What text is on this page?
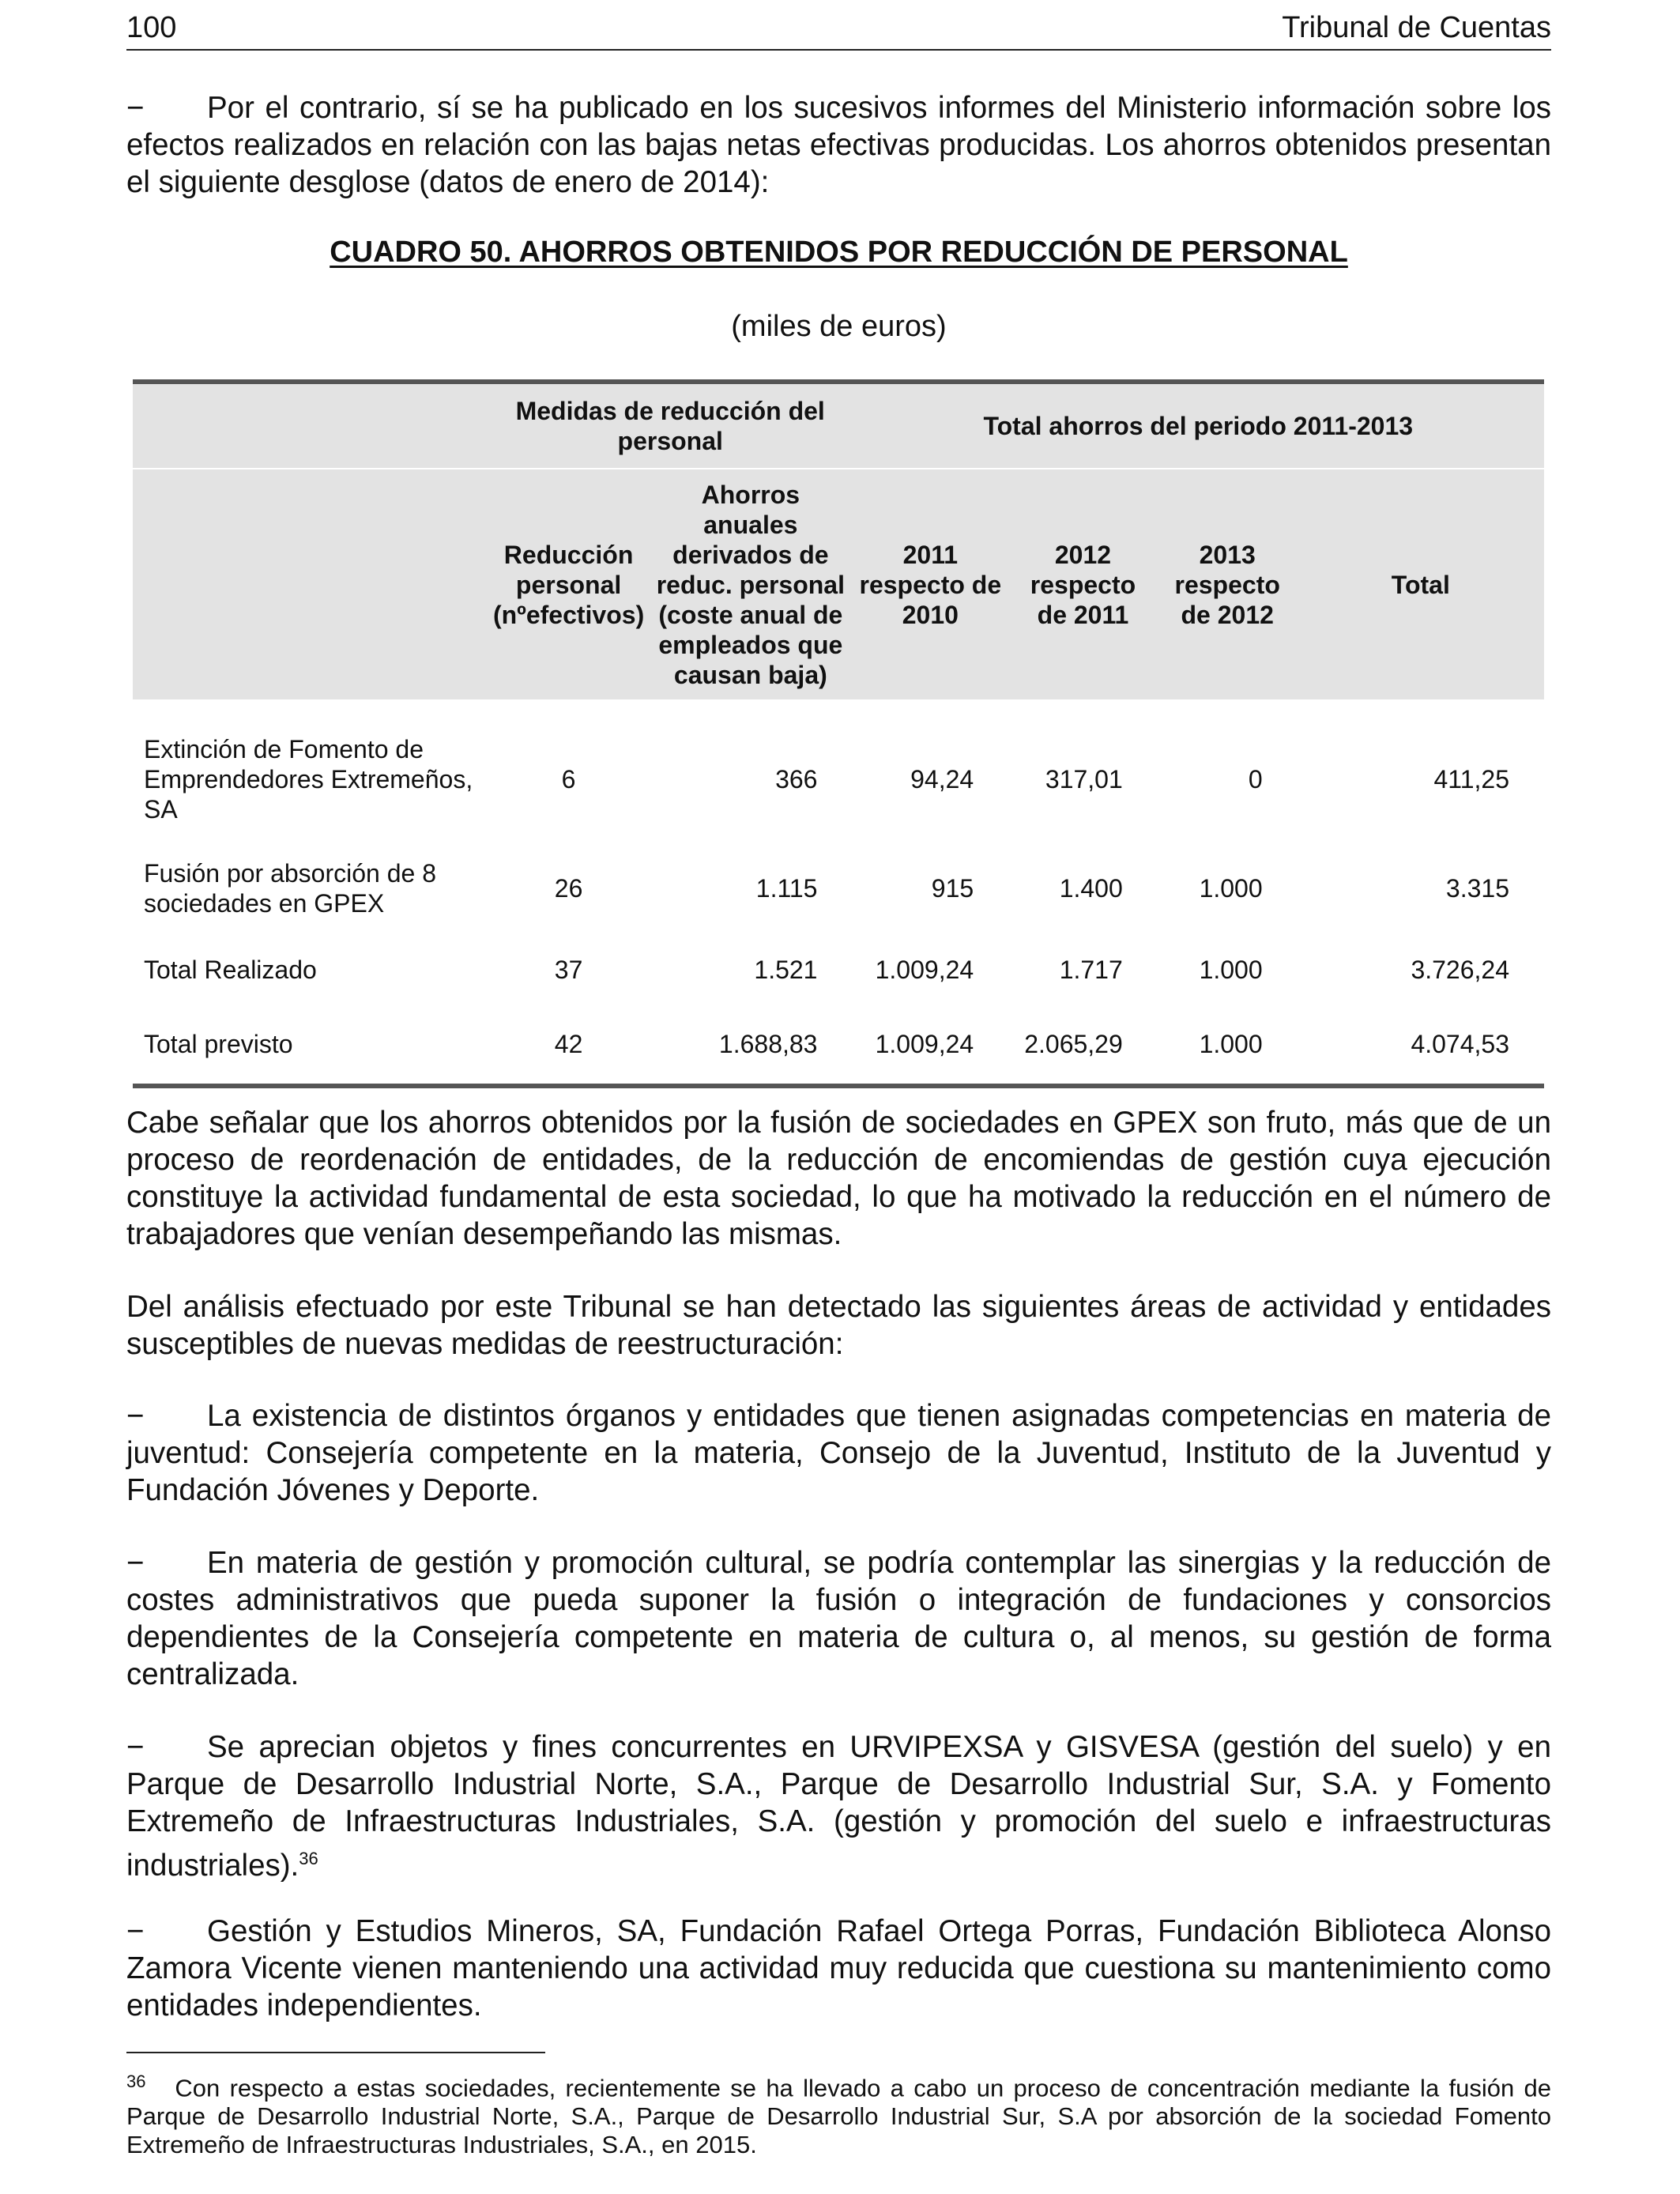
100	Tribunal de Cuentas

− Por el contrario, sí se ha publicado en los sucesivos informes del Ministerio información sobre los efectos realizados en relación con las bajas netas efectivas producidas. Los ahorros obtenidos presentan el siguiente desglose (datos de enero de 2014):

CUADRO 50. AHORROS OBTENIDOS POR REDUCCIÓN DE PERSONAL
(miles de euros)
	Medidas de reducción del personal		Total ahorros del periodo 2011-2013			
	Reducción personal (nºefectivos)	Ahorros anuales derivados de reduc. personal (coste anual de empleados que causan baja)	2011 respecto de 2010	2012 respecto de 2011	2013 respecto de 2012	Total
Extinción de Fomento de Emprendedores Extremeños, SA	6	366	94,24	317,01	0	411,25
Fusión por absorción de 8 sociedades en GPEX	26	1.115	915	1.400	1.000	3.315
Total Realizado	37	1.521	1.009,24	1.717	1.000	3.726,24
Total previsto	42	1.688,83	1.009,24	2.065,29	1.000	4.074,53

Cabe señalar que los ahorros obtenidos por la fusión de sociedades en GPEX son fruto, más que de un proceso de reordenación de entidades, de la reducción de encomiendas de gestión cuya ejecución constituye la actividad fundamental de esta sociedad, lo que ha motivado la reducción en el número de trabajadores que venían desempeñando las mismas.

Del análisis efectuado por este Tribunal se han detectado las siguientes áreas de actividad y entidades susceptibles de nuevas medidas de reestructuración:

− La existencia de distintos órganos y entidades que tienen asignadas competencias en materia de juventud: Consejería competente en la materia, Consejo de la Juventud, Instituto de la Juventud y Fundación Jóvenes y Deporte.

− En materia de gestión y promoción cultural, se podría contemplar las sinergias y la reducción de costes administrativos que pueda suponer la fusión o integración de fundaciones y consorcios dependientes de la Consejería competente en materia de cultura o, al menos, su gestión de forma centralizada.

− Se aprecian objetos y fines concurrentes en URVIPEXSA y GISVESA (gestión del suelo) y en Parque de Desarrollo Industrial Norte, S.A., Parque de Desarrollo Industrial Sur, S.A. y Fomento Extremeño de Infraestructuras Industriales, S.A. (gestión y promoción del suelo e infraestructuras industriales).$^{36}$

− Gestión y Estudios Mineros, SA, Fundación Rafael Ortega Porras, Fundación Biblioteca Alonso Zamora Vicente vienen manteniendo una actividad muy reducida que cuestiona su mantenimiento como entidades independientes.

$^{36}$ Con respecto a estas sociedades, recientemente se ha llevado a cabo un proceso de concentración mediante la fusión de Parque de Desarrollo Industrial Norte, S.A., Parque de Desarrollo Industrial Sur, S.A por absorción de la sociedad Fomento Extremeño de Infraestructuras Industriales, S.A., en 2015.
